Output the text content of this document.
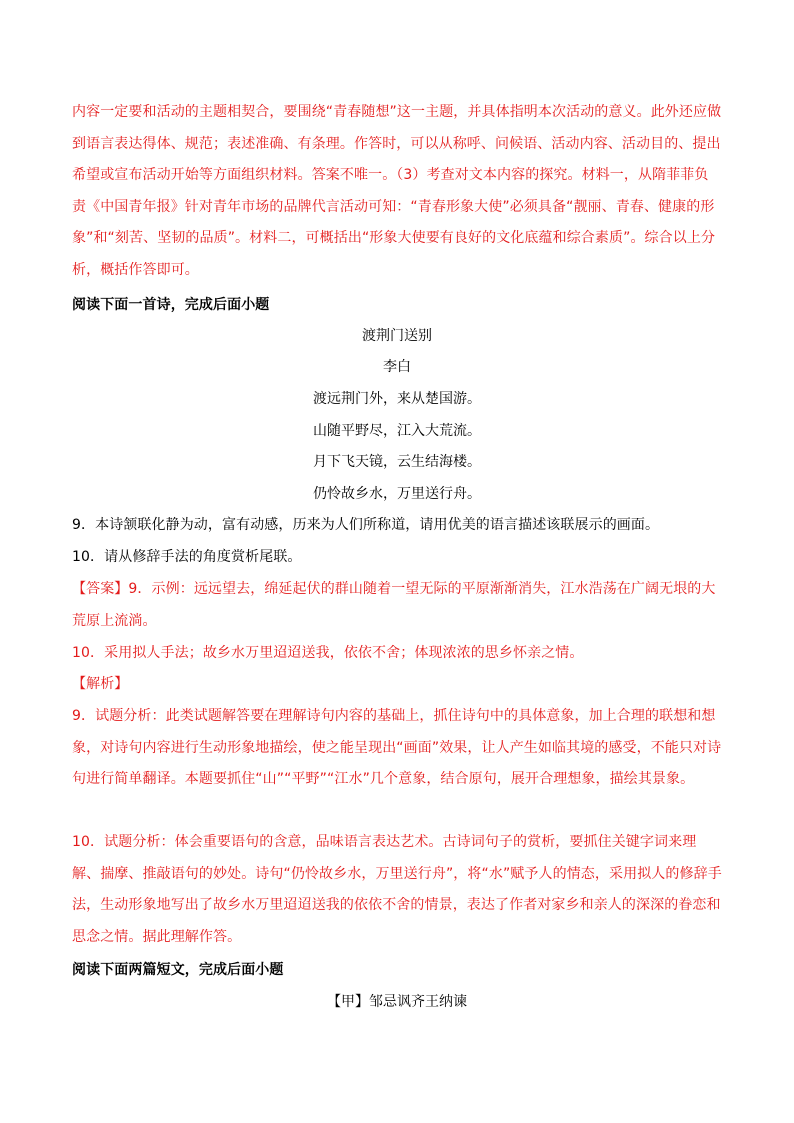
内容一定要和活动的主题相契合，要围绕“青春随想”这一主题，并具体指明本次活动的意义。此外还应做到语言表达得体、规范；表述准确、有条理。作答时，可以从称呼、问候语、活动内容、活动目的、提出希望或宣布活动开始等方面组织材料。答案不唯一。（3）考查对文本内容的探究。材料一，从隋菲菲负责《中国青年报》针对青年市场的品牌代言活动可知：“青春形象大使”必须具备“靓丽、青春、健康的形象”和“刻苦、坚韧的品质”。材料二，可概括出“形象大使要有良好的文化底蕴和综合素质”。综合以上分析，概括作答即可。

阅读下面一首诗，完成后面小题

渡荆门送别

李白

渡远荆门外，来从楚国游。

山随平野尽，江入大荒流。

月下飞天镜，云生结海楼。

仍怜故乡水，万里送行舟。

9．本诗颔联化静为动，富有动感，历来为人们所称道，请用优美的语言描述该联展示的画面。

10．请从修辞手法的角度赏析尾联。

【答案】9．示例：远远望去，绵延起伏的群山随着一望无际的平原渐渐消失，江水浩荡在广阔无垠的大荒原上流淌。

10．采用拟人手法；故乡水万里迢迢送我，依依不舍；体现浓浓的思乡怀亲之情。

【解析】

9．试题分析：此类试题解答要在理解诗句内容的基础上，抓住诗句中的具体意象，加上合理的联想和想象，对诗句内容进行生动形象地描绘，使之能呈现出“画面”效果，让人产生如临其境的感受，不能只对诗句进行简单翻译。本题要抓住“山”“平野”“江水”几个意象，结合原句，展开合理想象，描绘其景象。

10．试题分析：体会重要语句的含意，品味语言表达艺术。古诗词句子的赏析，要抓住关键字词来理解、揣摩、推敲语句的妙处。诗句“仍怜故乡水，万里送行舟”，将“水”赋予人的情态，采用拟人的修辞手法，生动形象地写出了故乡水万里迢迢送我的依依不舍的情景，表达了作者对家乡和亲人的深深的眷恋和思念之情。据此理解作答。

阅读下面两篇短文，完成后面小题

【甲】邹忌讽齐王纳谏
